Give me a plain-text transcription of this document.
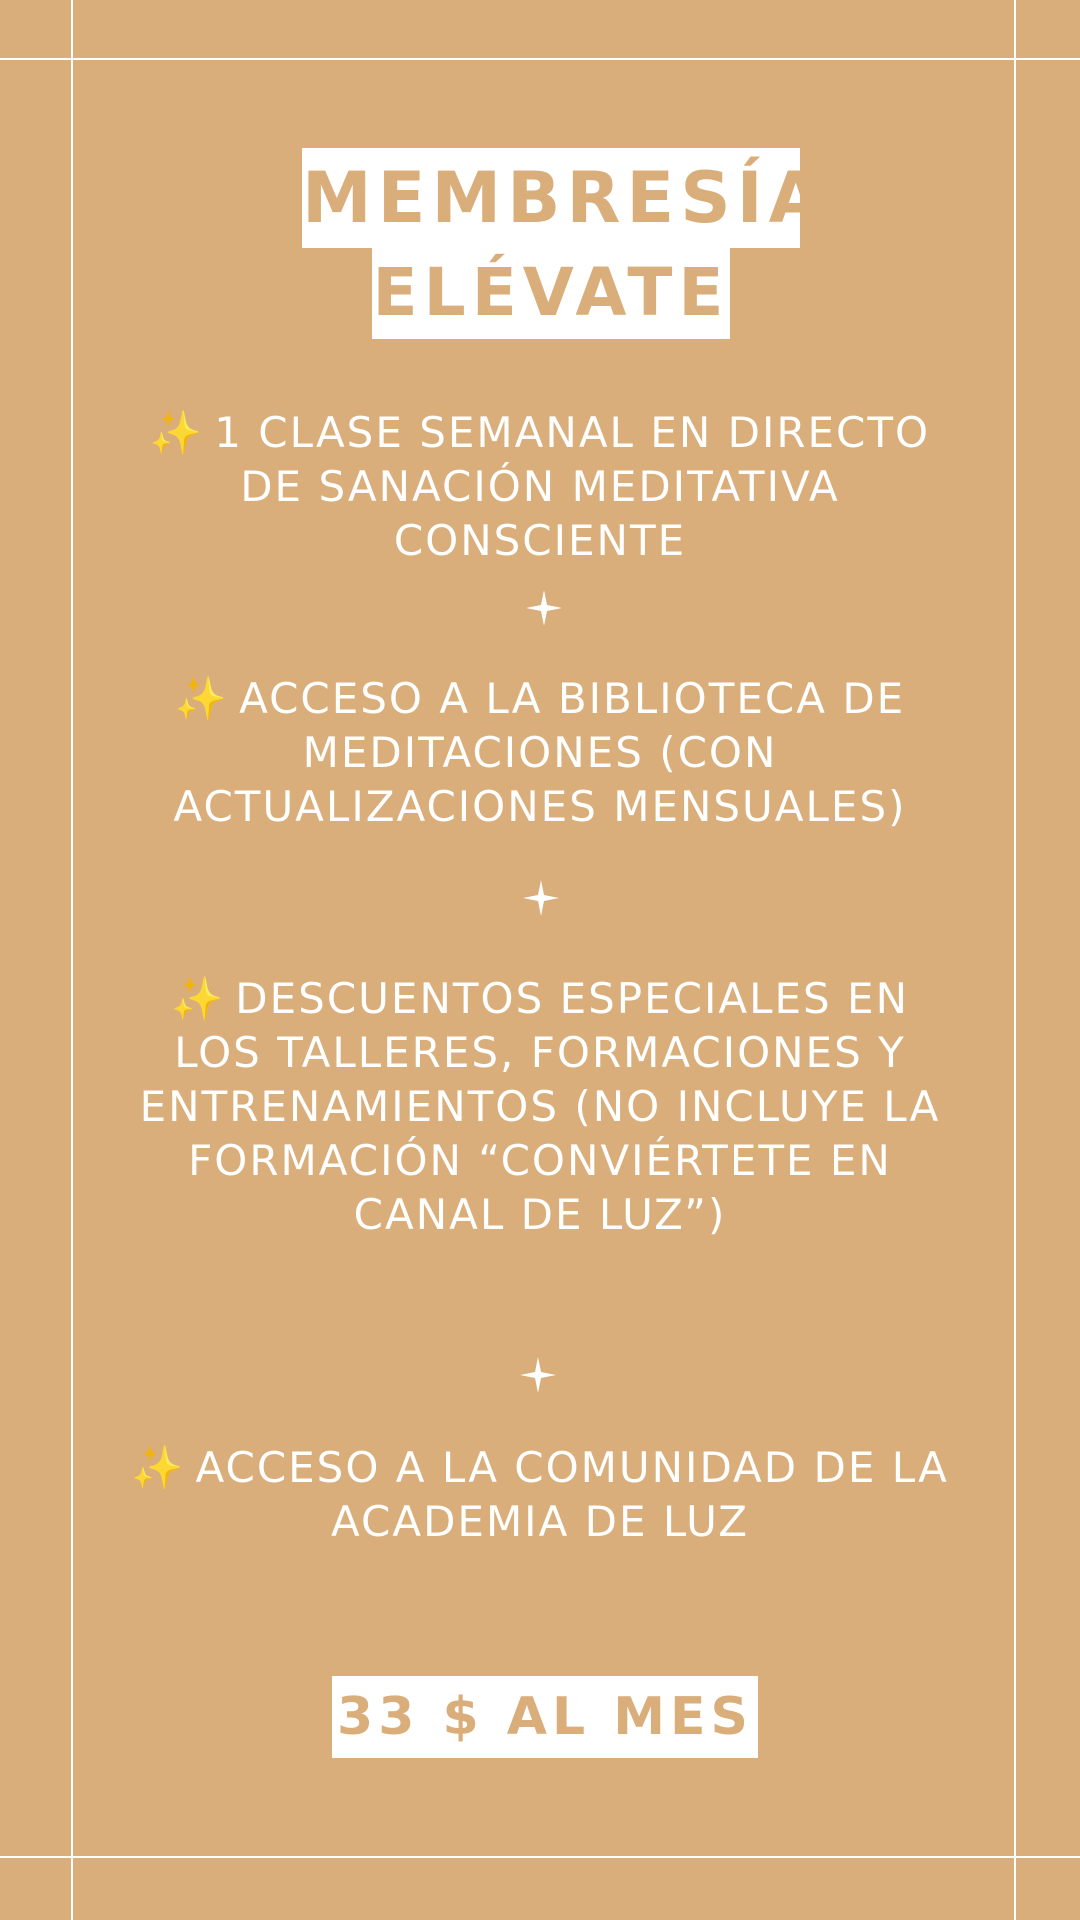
MEMBRESÍA
ELÉVATE
✨ 1 CLASE SEMANAL EN DIRECTO DE SANACIÓN MEDITATIVA CONSCIENTE
✨ ACCESO A LA BIBLIOTECA DE MEDITACIONES (CON ACTUALIZACIONES MENSUALES)
✨ DESCUENTOS ESPECIALES EN LOS TALLERES, FORMACIONES Y ENTRENAMIENTOS (NO INCLUYE LA FORMACIÓN “CONVIÉRTETE EN CANAL DE LUZ”)
✨ ACCESO A LA COMUNIDAD DE LA ACADEMIA DE LUZ
33 $ AL MES
